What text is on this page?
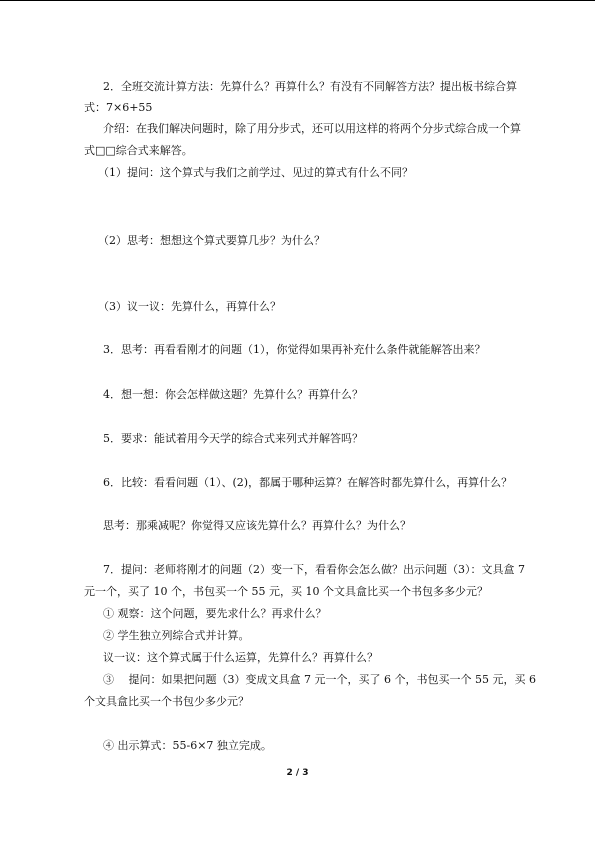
2．全班交流计算方法：先算什么？再算什么？有没有不同解答方法？提出板书综合算
式：7×6+55
介绍：在我们解决问题时，除了用分步式，还可以用这样的将两个分步式综合成一个算
式□□综合式来解答。
（1）提问：这个算式与我们之前学过、见过的算式有什么不同？
（2）思考：想想这个算式要算几步？为什么？
（3）议一议：先算什么，再算什么？
3．思考：再看看刚才的问题（1），你觉得如果再补充什么条件就能解答出来？
4．想一想：你会怎样做这题？先算什么？再算什么？
5．要求：能试着用今天学的综合式来列式并解答吗？
6．比较：看看问题（1）、(2)，都属于哪种运算？在解答时都先算什么，再算什么？
思考：那乘减呢？你觉得又应该先算什么？再算什么？为什么？
7．提问：老师将刚才的问题（2）变一下，看看你会怎么做？出示问题（3）：文具盒 7
元一个，买了 10 个，书包买一个 55 元，买 10 个文具盒比买一个书包多多少元？
① 观察：这个问题，要先求什么？再求什么？
② 学生独立列综合式并计算。
议一议：这个算式属于什么运算，先算什么？再算什么？
③　 提问：如果把问题（3）变成文具盒 7 元一个，买了 6 个，书包买一个 55 元，买 6
个文具盒比买一个书包少多少元？
④ 出示算式：55-6×7 独立完成。
2 / 3
